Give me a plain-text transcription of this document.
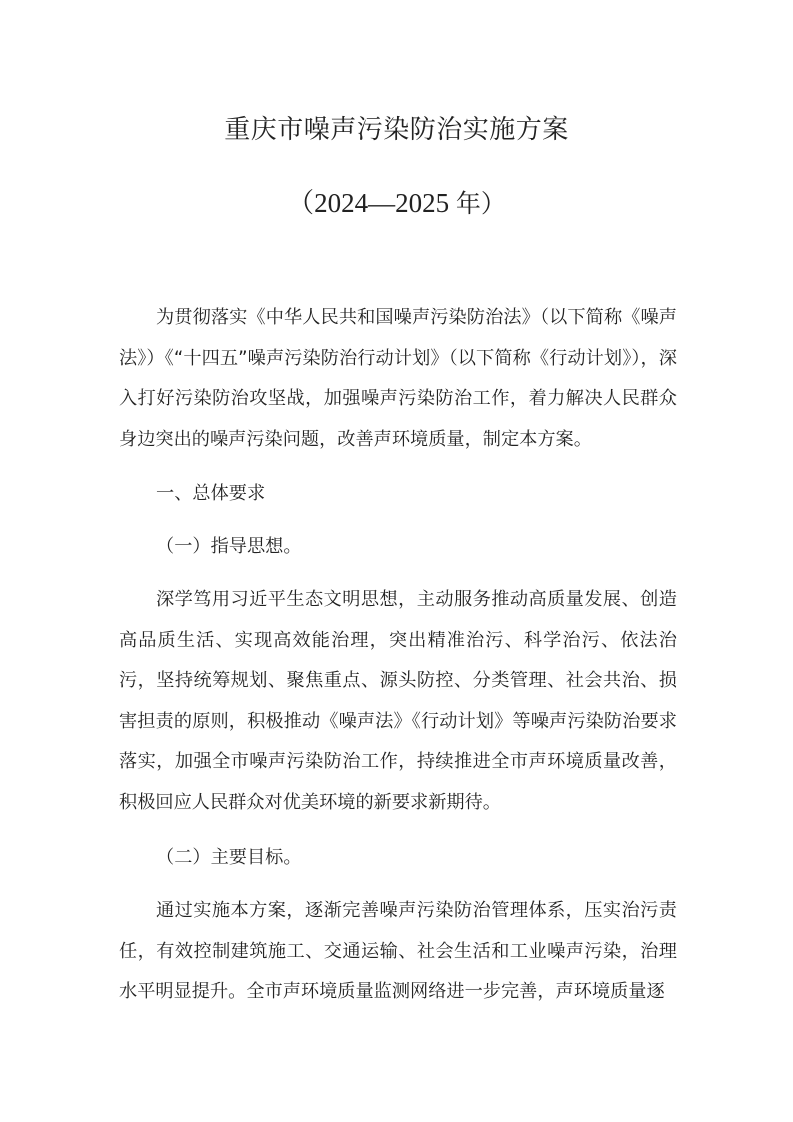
重庆市噪声污染防治实施方案
（2024—2025 年）

为贯彻落实《中华人民共和国噪声污染防治法》（以下简称《噪声法》）《“十四五”噪声污染防治行动计划》（以下简称《行动计划》），深入打好污染防治攻坚战，加强噪声污染防治工作，着力解决人民群众身边突出的噪声污染问题，改善声环境质量，制定本方案。

一、总体要求

（一）指导思想。

深学笃用习近平生态文明思想，主动服务推动高质量发展、创造高品质生活、实现高效能治理，突出精准治污、科学治污、依法治污，坚持统筹规划、聚焦重点、源头防控、分类管理、社会共治、损害担责的原则，积极推动《噪声法》《行动计划》等噪声污染防治要求落实，加强全市噪声污染防治工作，持续推进全市声环境质量改善，积极回应人民群众对优美环境的新要求新期待。

（二）主要目标。

通过实施本方案，逐渐完善噪声污染防治管理体系，压实治污责任，有效控制建筑施工、交通运输、社会生活和工业噪声污染，治理水平明显提升。全市声环境质量监测网络进一步完善，声环境质量逐
